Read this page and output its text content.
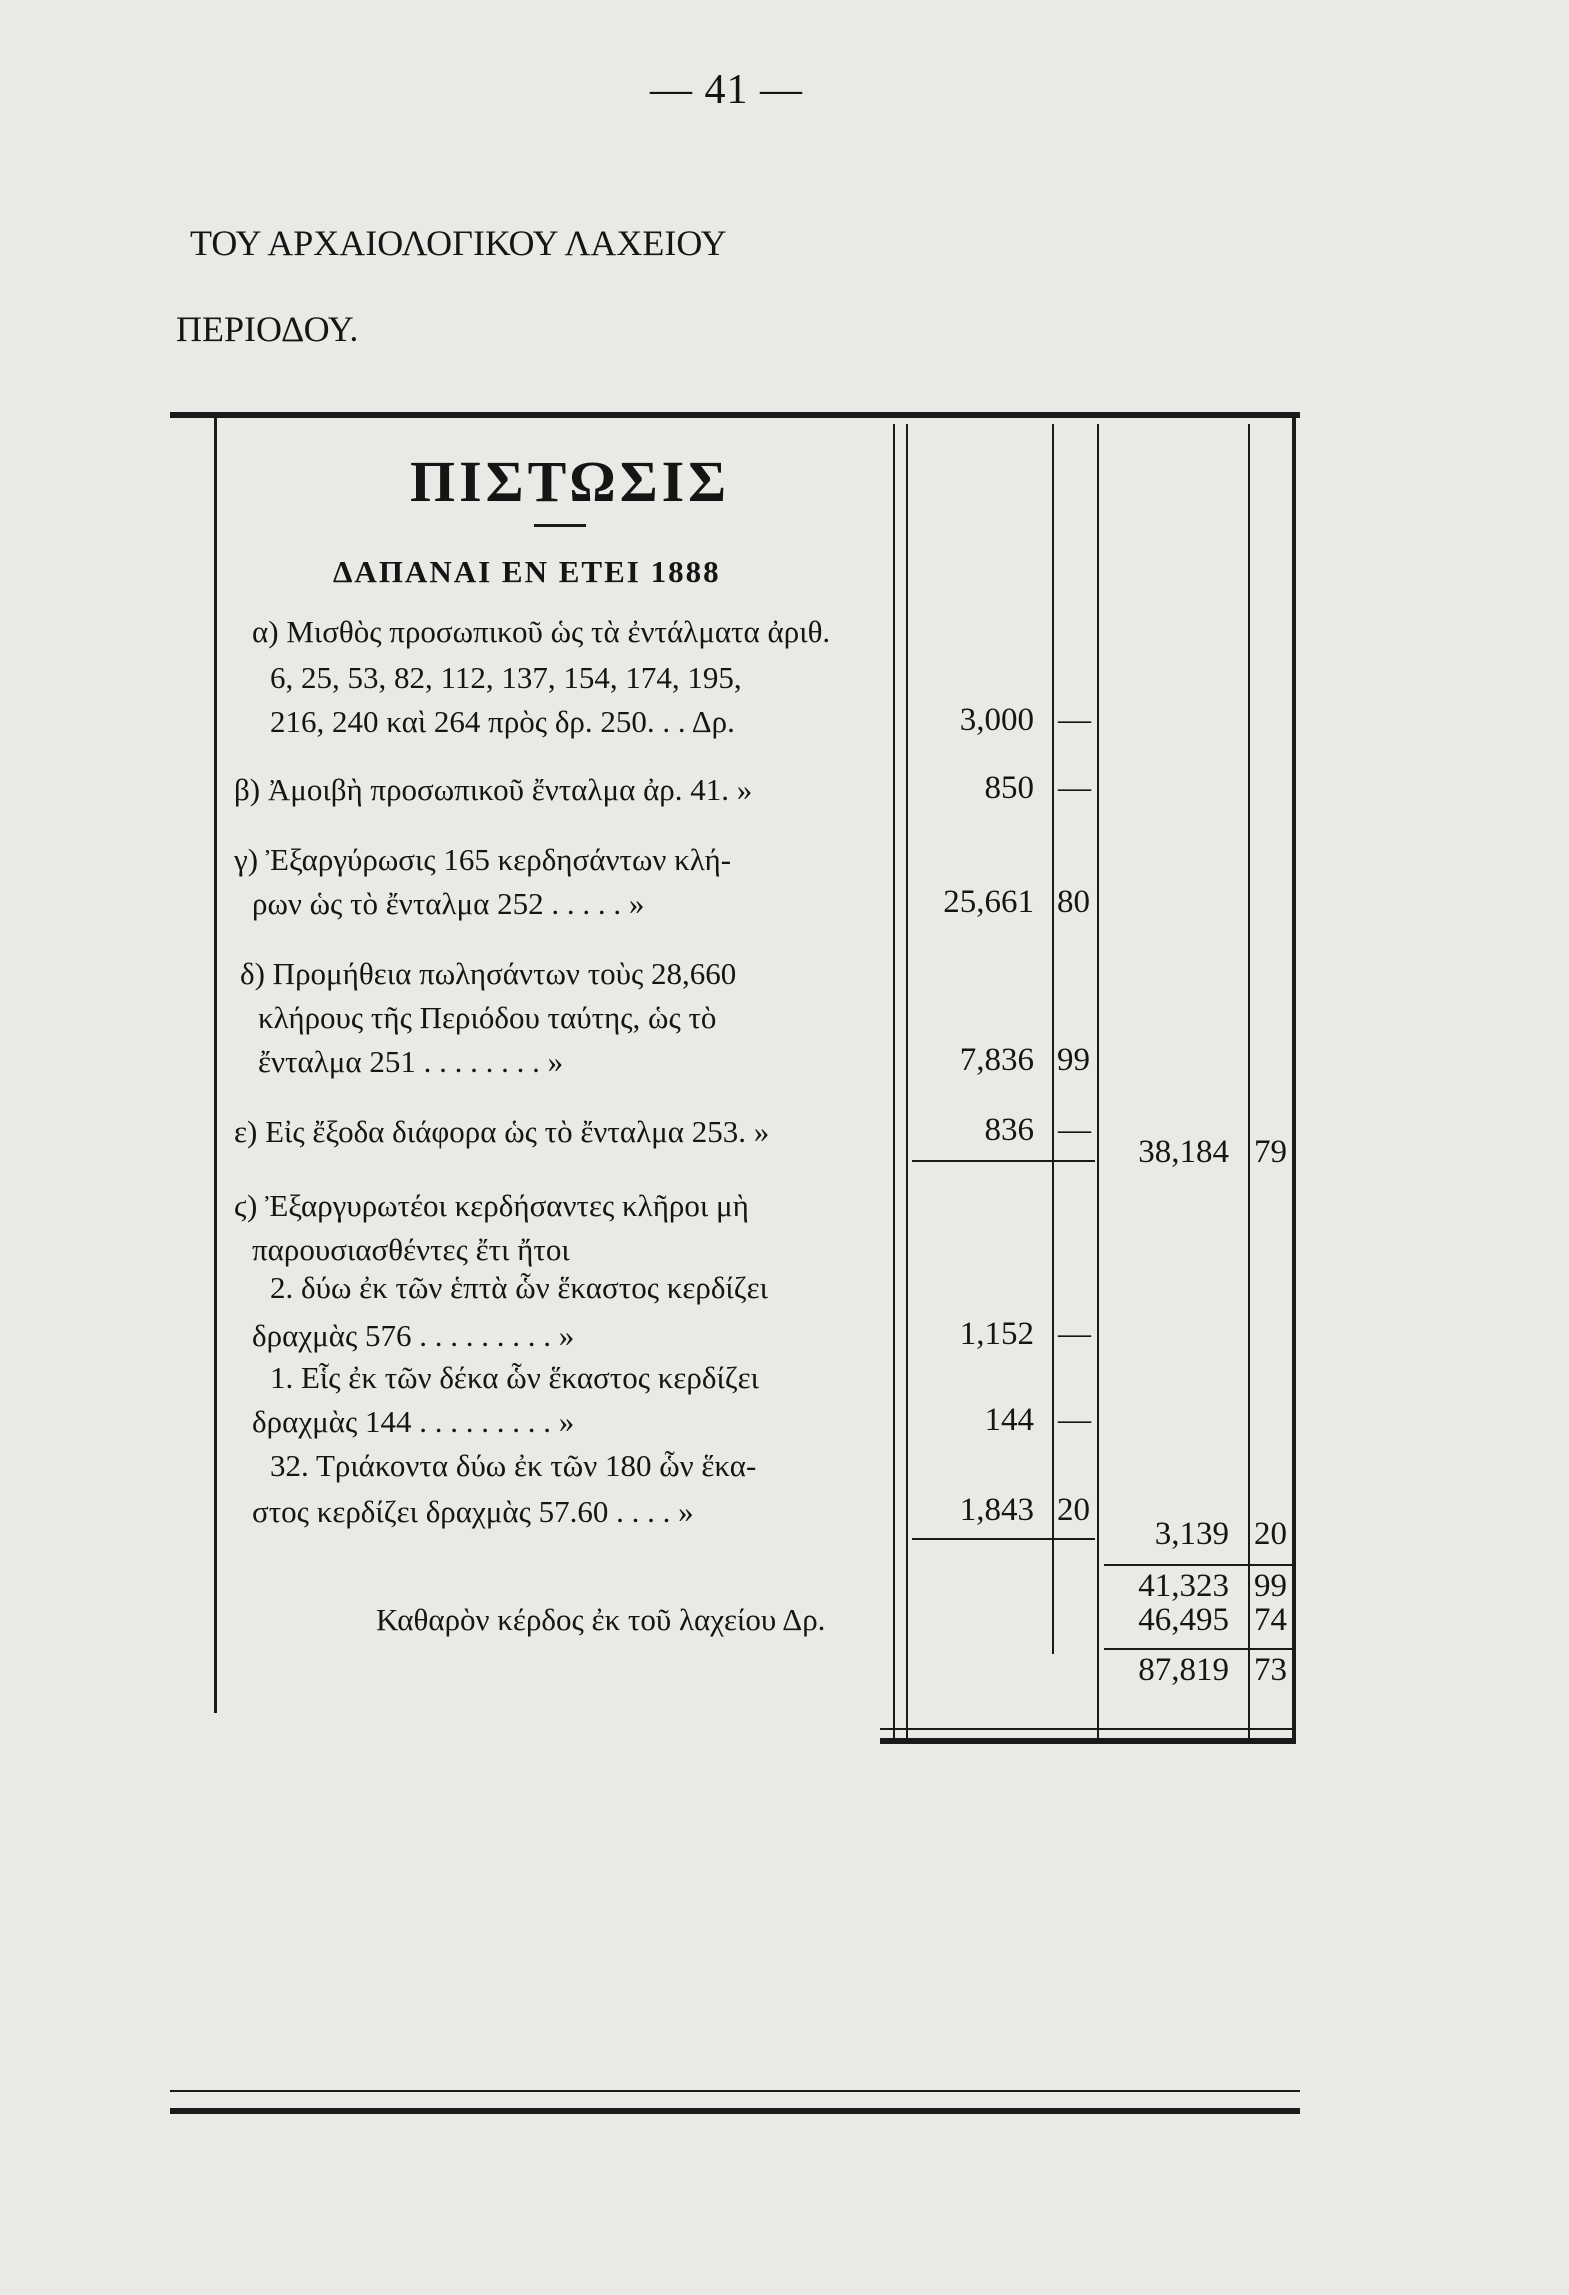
— 41 —
ΤΟΥ ΑΡΧΑΙΟΛΟΓΙΚΟΥ ΛΑΧΕΙΟΥ
ΠΕΡΙΟΔΟΥ.
ΠΙΣΤΩΣΙΣ
ΔΑΠΑΝΑΙ ΕΝ ΕΤΕΙ 1888
α) Μισθὸς προσωπικοῦ ὡς τὰ ἐντάλματα ἀριθ.
6, 25, 53, 82, 112, 137, 154, 174, 195,
216, 240 καὶ 264 πρὸς δρ. 250. . . Δρ.	3,000 —
β) Ἀμοιβὴ προσωπικοῦ ἔνταλμα ἀρ. 41. »	850 —
γ) Ἐξαργύρωσις 165 κερδησάντων κλή-
ρων ὡς τὸ ἔνταλμα 252 . . . . . »	25,661 80
δ) Προμήθεια πωλησάντων τοὺς 28,660
κλήρους τῆς Περιόδου ταύτης, ὡς τὸ
ἔνταλμα 251 . . . . . . . . »	7,836 99
ε) Εἰς ἔξοδα διάφορα ὡς τὸ ἔνταλμα 253. »	836 —
38,184 79
ϛ) Ἐξαργυρωτέοι κερδήσαντες κλῆροι μὴ
παρουσιασθέντες ἔτι ἤτοι
2. δύω ἐκ τῶν ἑπτὰ ὧν ἕκαστος κερδίζει
δραχμὰς 576 . . . . . . . . . »	1,152 —
1. Εἷς ἐκ τῶν δέκα ὧν ἕκαστος κερδίζει
δραχμὰς 144 . . . . . . . . . »	144 —
32. Τριάκοντα δύω ἐκ τῶν 180 ὧν ἕκα-
στος κερδίζει δραχμὰς 57.60 . . . . »	1,843 20
3,139 20
41,323 99
Καθαρὸν κέρδος ἐκ τοῦ λαχείου Δρ.	46,495 74
87,819 73
